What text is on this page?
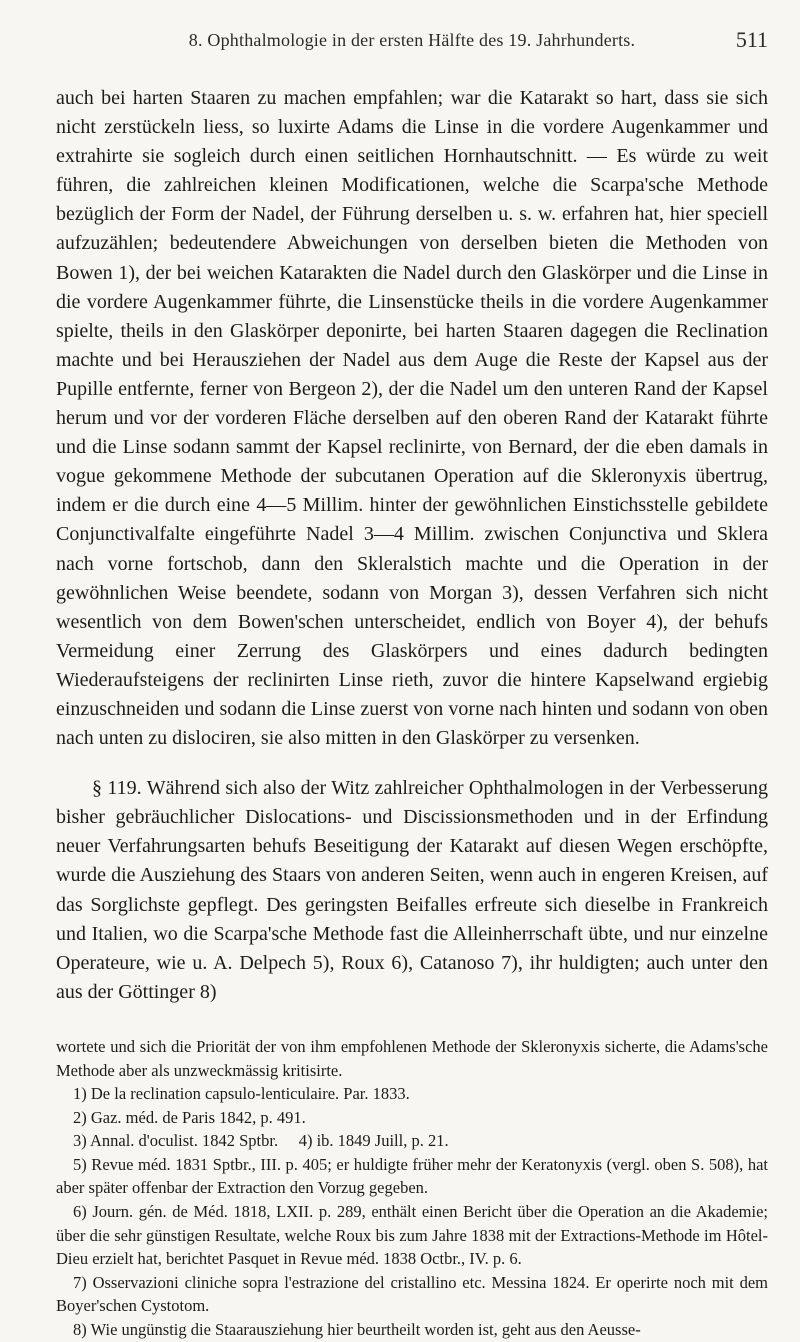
8. Ophthalmologie in der ersten Hälfte des 19. Jahrhunderts.	511

auch bei harten Staaren zu machen empfahlen; war die Katarakt so hart, dass sie sich nicht zerstückeln liess, so luxirte Adams die Linse in die vordere Augenkammer und extrahirte sie sogleich durch einen seitlichen Hornhautschnitt. — Es würde zu weit führen, die zahlreichen kleinen Modificationen, welche die Scarpa'sche Methode bezüglich der Form der Nadel, der Führung derselben u. s. w. erfahren hat, hier speciell aufzuzählen; bedeutendere Abweichungen von derselben bieten die Methoden von Bowen 1), der bei weichen Katarakten die Nadel durch den Glaskörper und die Linse in die vordere Augenkammer führte, die Linsenstücke theils in die vordere Augenkammer spielte, theils in den Glaskörper deponirte, bei harten Staaren dagegen die Reclination machte und bei Herausziehen der Nadel aus dem Auge die Reste der Kapsel aus der Pupille entfernte, ferner von Bergeon 2), der die Nadel um den unteren Rand der Kapsel herum und vor der vorderen Fläche derselben auf den oberen Rand der Katarakt führte und die Linse sodann sammt der Kapsel reclinirte, von Bernard, der die eben damals in vogue gekommene Methode der subcutanen Operation auf die Skleronyxis übertrug, indem er die durch eine 4—5 Millim. hinter der gewöhnlichen Einstichsstelle gebildete Conjunctivalfalte eingeführte Nadel 3—4 Millim. zwischen Conjunctiva und Sklera nach vorne fortschob, dann den Skleralstich machte und die Operation in der gewöhnlichen Weise beendete, sodann von Morgan 3), dessen Verfahren sich nicht wesentlich von dem Bowen'schen unterscheidet, endlich von Boyer 4), der behufs Vermeidung einer Zerrung des Glaskörpers und eines dadurch bedingten Wiederaufsteigens der reclinirten Linse rieth, zuvor die hintere Kapselwand ergiebig einzuschneiden und sodann die Linse zuerst von vorne nach hinten und sodann von oben nach unten zu dislociren, sie also mitten in den Glaskörper zu versenken.

§ 119. Während sich also der Witz zahlreicher Ophthalmologen in der Verbesserung bisher gebräuchlicher Dislocations- und Discissionsmethoden und in der Erfindung neuer Verfahrungsarten behufs Beseitigung der Katarakt auf diesen Wegen erschöpfte, wurde die Ausziehung des Staars von anderen Seiten, wenn auch in engeren Kreisen, auf das Sorglichste gepflegt. Des geringsten Beifalles erfreute sich dieselbe in Frankreich und Italien, wo die Scarpa'sche Methode fast die Alleinherrschaft übte, und nur einzelne Operateure, wie u. A. Delpech 5), Roux 6), Catanoso 7), ihr huldigten; auch unter den aus der Göttinger 8)

wortete und sich die Priorität der von ihm empfohlenen Methode der Skleronyxis sicherte, die Adams'sche Methode aber als unzweckmässig kritisirte.

1) De la reclination capsulo-lenticulaire. Par. 1833.

2) Gaz. méd. de Paris 1842, p. 491.

3) Annal. d'oculist. 1842 Sptbr.     4) ib. 1849 Juill, p. 21.

5) Revue méd. 1831 Sptbr., III. p. 405; er huldigte früher mehr der Keratonyxis (vergl. oben S. 508), hat aber später offenbar der Extraction den Vorzug gegeben.

6) Journ. gén. de Méd. 1818, LXII. p. 289, enthält einen Bericht über die Operation an die Akademie; über die sehr günstigen Resultate, welche Roux bis zum Jahre 1838 mit der Extractions-Methode im Hôtel-Dieu erzielt hat, berichtet Pasquet in Revue méd. 1838 Octbr., IV. p. 6.

7) Osservazioni cliniche sopra l'estrazione del cristallino etc. Messina 1824. Er operirte noch mit dem Boyer'schen Cystotom.

8) Wie ungünstig die Staarausziehung hier beurtheilt worden ist, geht aus den Aeusse-
